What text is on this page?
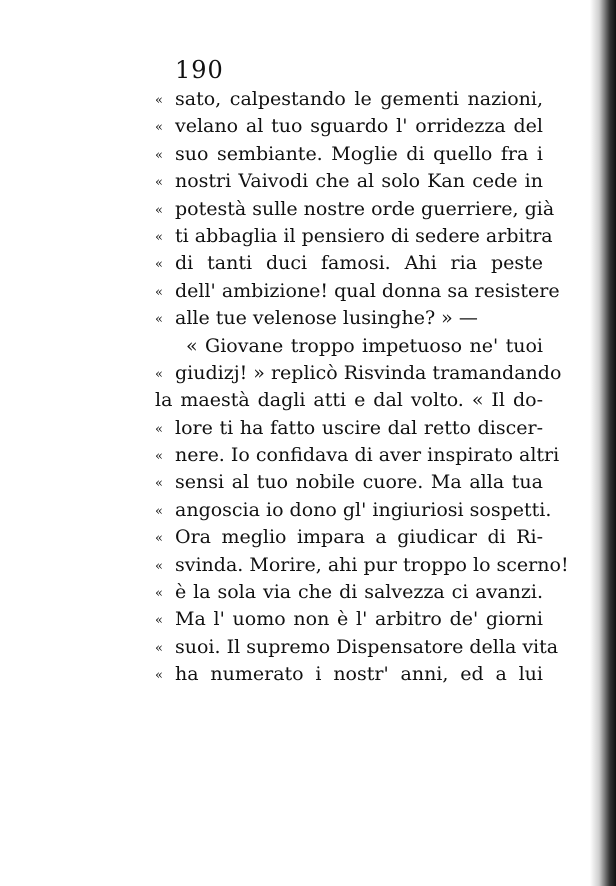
190
« sato, calpestando le gementi nazioni,
« velano al tuo sguardo l' orridezza del
« suo sembiante. Moglie di quello fra i
« nostri Vaivodi che al solo Kan cede in
« potestà sulle nostre orde guerriere, già
« ti abbaglia il pensiero di sedere arbitra
« di tanti duci famosi. Ahi ria peste
« dell' ambizione! qual donna sa resistere
« alle tue velenose lusinghe? » —
« Giovane troppo impetuoso ne' tuoi
« giudizj! » replicò Risvinda tramandando
la maestà dagli atti e dal volto. « Il do-
« lore ti ha fatto uscire dal retto discer-
« nere. Io confidava di aver inspirato altri
« sensi al tuo nobile cuore. Ma alla tua
« angoscia io dono gl' ingiuriosi sospetti.
« Ora meglio impara a giudicar di Ri-
« svinda. Morire, ahi pur troppo lo scerno!
« è la sola via che di salvezza ci avanzi.
« Ma l' uomo non è l' arbitro de' giorni
« suoi. Il supremo Dispensatore della vita
« ha numerato i nostr' anni, ed a lui
